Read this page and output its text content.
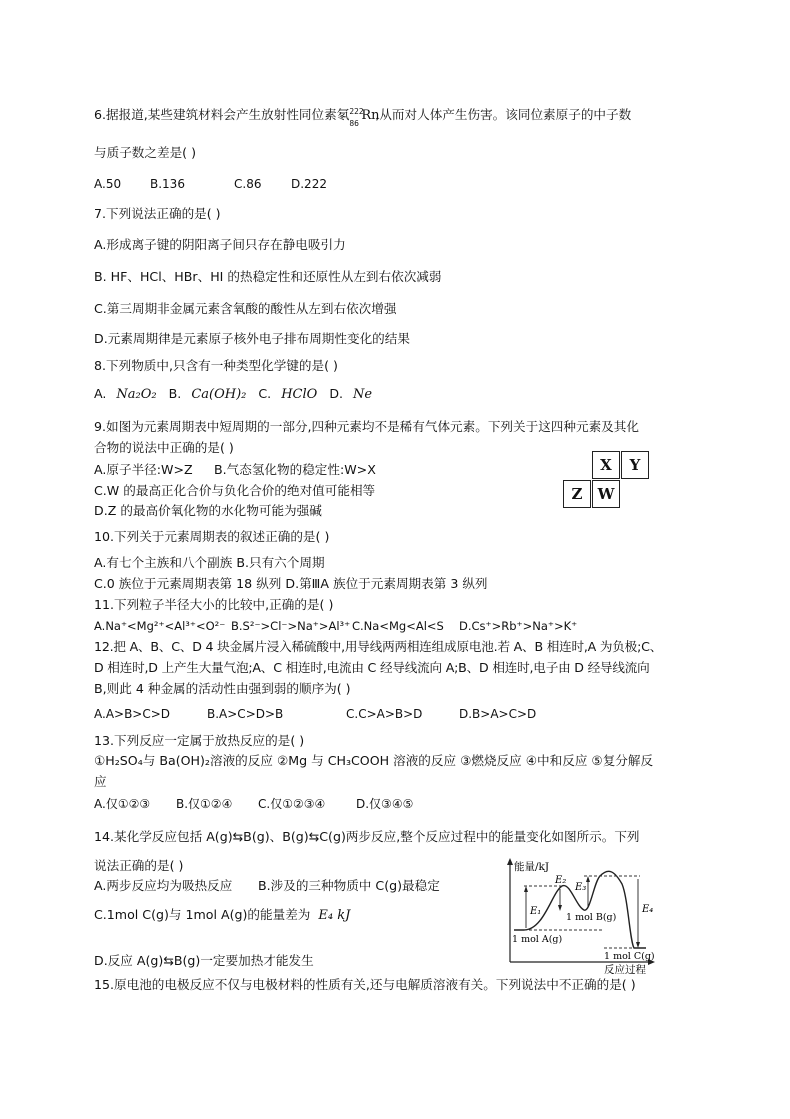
6.据报道,某些建筑材料会产生放射性同位素氡 222
86
Rn
,从而对人体产生伤害。该同位素原子的中子数
与质子数之差是( )
A.50 B.136	C.86 D.222
7.下列说法正确的是( )
A.形成离子键的阴阳离子间只存在静电吸引力
B. HF、HCl、HBr、HI 的热稳定性和还原性从左到右依次减弱
C.第三周期非金属元素含氧酸的酸性从左到右依次增强
D.元素周期律是元素原子核外电子排布周期性变化的结果
8.下列物质中,只含有一种类型化学键的是( )
A. Na₂O₂ B. Ca(OH)₂ C. HClO D. Ne
9.如图为元素周期表中短周期的一部分,四种元素均不是稀有气体元素。下列关于这四种元素及其化
合物的说法中正确的是( )
A.原子半径:W>Z B.气态氢化物的稳定性:W>X
C.W 的最高正化合价与负化合价的绝对值可能相等
D.Z 的最高价氧化物的水化物可能为强碱
X	Y
Z	W
10.下列关于元素周期表的叙述正确的是( )
A.有七个主族和八个副族 B.只有六个周期
C.0 族位于元素周期表第 18 纵列 D.第ⅢA 族位于元素周期表第 3 纵列
11.下列粒子半径大小的比较中,正确的是( )
A.Na⁺<Mg²⁺<Al³⁺<O²⁻ B.S²⁻>Cl⁻>Na⁺>Al³⁺ C.Na<Mg<Al<S D.Cs⁺>Rb⁺>Na⁺>K⁺
12.把 A、B、C、D 4 块金属片浸入稀硫酸中,用导线两两相连组成原电池.若 A、B 相连时,A 为负极;C、
D 相连时,D 上产生大量气泡;A、C 相连时,电流由 C 经导线流向 A;B、D 相连时,电子由 D 经导线流向
B,则此 4 种金属的活动性由强到弱的顺序为( )
A.A>B>C>D	B.A>C>D>B	C.C>A>B>D	D.B>A>C>D
13.下列反应一定属于放热反应的是( )
①H₂SO₄与 Ba(OH)₂溶液的反应 ②Mg 与 CH₃COOH 溶液的反应 ③燃烧反应 ④中和反应 ⑤复分解反
应
A.仅①②③ B.仅①②④ C.仅①②③④	D.仅③④⑤
14.某化学反应包括 A(g)⇆B(g)、B(g)⇆C(g)两步反应,整个反应过程中的能量变化如图所示。下列
说法正确的是( )
A.两步反应均为吸热反应 B.涉及的三种物质中 C(g)最稳定
C.1mol C(g)与 1mol A(g)的能量差为 E₄ kJ
D.反应 A(g)⇆B(g)一定要加热才能发生
能量/kJ
反应过程
E₁
E₂
E₃
E₄
1 mol A(g)
1 mol B(g)
1 mol C(g)
15.原电池的电极反应不仅与电极材料的性质有关,还与电解质溶液有关。下列说法中不正确的是( )
